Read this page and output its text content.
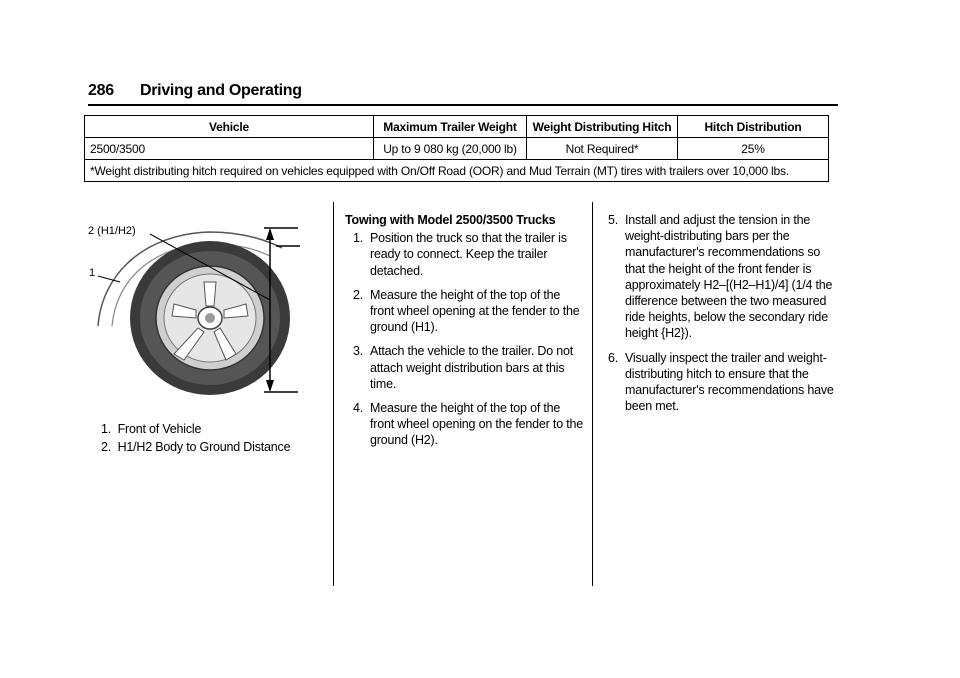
286 Driving and Operating
Vehicle	Maximum Trailer Weight	Weight Distributing Hitch	Hitch Distribution
2500/3500	Up to 9 080 kg (20,000 lb)	Not Required*	25%
*Weight distributing hitch required on vehicles equipped with On/Off Road (OOR) and Mud Terrain (MT) tires with trailers over 10,000 lbs.			
2 (H1/H2)
1
1. Front of Vehicle
2. H1/H2 Body to Ground Distance
Towing with Model 2500/3500 Trucks
1. Position the truck so that the trailer is ready to connect. Keep the trailer detached.
2. Measure the height of the top of the front wheel opening at the fender to the ground (H1).
3. Attach the vehicle to the trailer. Do not attach weight distribution bars at this time.
4. Measure the height of the top of the front wheel opening on the fender to the ground (H2).
5. Install and adjust the tension in the weight-distributing bars per the manufacturer's recommendations so that the height of the front fender is approximately H2–[(H2–H1)/4] (1/4 the difference between the two measured ride heights, below the secondary ride height {H2}).
6. Visually inspect the trailer and weight-distributing hitch to ensure that the manufacturer's recommendations have been met.
